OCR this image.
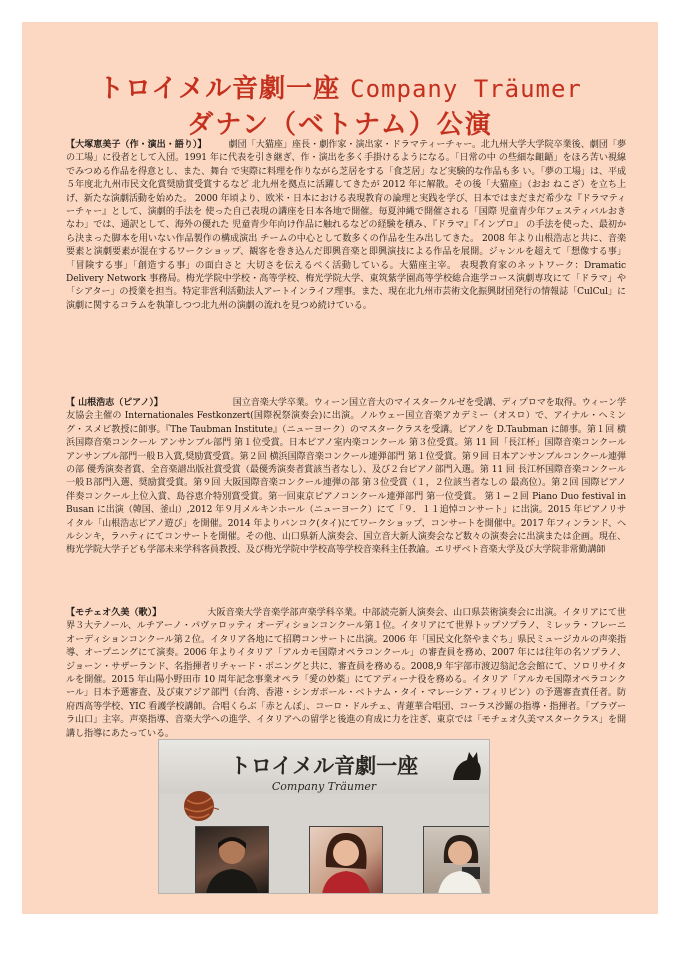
トロイメル音劇一座 Company Träumer
ダナン（ベトナム）公演
【大塚恵美子（作・演出・語り）】 劇団「大猫座」座長・劇作家・演出家・ドラマティーチャー。北九州大学大学院卒業後、劇団「夢の工場」に役者として入団。1991 年に代表を引き継ぎ、作・演出を多く手掛けるようになる。「日常の中 の些細な齟齬」をほろ苦い視線でみつめる作品を得意とし、また、舞台 で実際に料理を作りながら芝居をする「食芝居」など実験的な作品も多 い。「夢の工場」は、平成５年度北九州市民文化賞奨励賞受賞するなど 北九州を拠点に活躍してきたが 2012 年に解散。その後「大猫座」（おお ねこざ）を立ち上げ、新たな演劇活動を始めた。 2000 年頃より、欧米・日本における表現教育の論理と実践を学び、日本ではまだまだ希少な『ドラマティーチャー』として、演劇的手法を 使った自己表現の講座を日本各地で開催。毎夏沖縄で開催される「国際 児童青少年フェスティバルおきなわ」では、通訳として、海外の優れた 児童青少年向け作品に触れるなどの経験を積み、『ドラマ』『インプロ』 の手法を使った、最初から決まった脚本を用いない作品製作の構成演出 チームの中心として数多くの作品を生み出してきた。 2008 年より山根浩志と共に、音楽要素と演劇要素が混在するワークショップ、観客を巻き込んだ即興音楽と即興演技による作品を展開。ジャンルを超えて「想像する事」「冒険する事」「創造する事」の面白さと 大切さを伝えるべく活動している。大猫座主宰。 表現教育家のネットワーク：Dramatic Delivery Network 事務局。梅光学院中学校・高等学校、梅光学院大学、東筑紫学園高等学校総合進学コース演劇専攻にて「ドラマ」や「シアター」の授業を担当。特定非営利活動法人アートインライフ理事。また、現在北九州市芸術文化振興財団発行の情報誌「CulCul」に演劇に関するコラムを執筆しつつ北九州の演劇の流れを見つめ続けている。
【 山根浩志（ピアノ）】	国立音楽大学卒業。ウィーン国立音大のマイスタークルゼを受講、ディプロマを取得。ウィーン学友協会主催の Internationales Festkonzert(国際祝祭演奏会)に出演。ノルウェー国立音楽アカデミー（オスロ）で、アイナル・ヘミング・スメビ教授に師事。『The Taubman Institute』（ニューヨーク）のマスタークラスを受講。ピアノを D.Taubman に師事。第１回 横浜国際音楽コンクール アンサンブル部門 第１位受賞。日本ピアノ室内楽コンクール 第３位受賞。第 11 回「長江杯」国際音楽コンクールアンサンブル部門一般Ｂ入賞,奨励賞受賞。第２回 横浜国際音楽コンクール連弾部門 第１位受賞。第９回 日本アンサンブルコンクール連弾の部 優秀演奏者賞、全音楽譜出版社賞受賞（最優秀演奏者賞該当者なし）、及び２台ピアノ部門入選。第 11 回 長江杯国際音楽コンクール一般Ｂ部門入選、奨励賞受賞。第９回 大阪国際音楽コンクール連弾の部 第３位受賞（１，２位該当者なしの 最高位）。第２回 国際ピアノ伴奏コンクール上位入賞、島谷恵介特別賞受賞。第一回東京ピアノコンクール連弾部門 第一位受賞。 第１−２回 Piano Duo festival in Busan に出演（韓国、釜山）,2012 年９月メルキンホール（ニューヨーク）にて「９．１１追悼コンサート」に出演。2015 年ピアノリサイタル「山根浩志ピアノ遊び」を開催。2014 年よりバンコク(タイ)にてワークショップ、コンサートを開催中。2017 年フィンランド、ヘルシンキ，ラハティにてコンサートを開催。その他、山口県新人演奏会、国立音大新人演奏会など数々の演奏会に出演または企画。現在、梅光学院大学子ども学部未来学科客員教授、及び梅光学院中学校高等学校音楽科主任教諭。エリザベト音楽大学及び大学院非常勤講師
【モチェオ久美（歌）】	大阪音楽大学音楽学部声楽学科卒業。中部読売新人演奏会、山口県芸術演奏会に出演。イタリアにて世界３大テノール、ルチアーノ・パヴァロッティ オーディションコンクール第１位。イタリアにて世界トップソプラノ、ミレッラ・フレーニ オーディションコンクール第２位。イタリア各地にて招聘コンサートに出演。2006 年「国民文化祭やまぐち」県民ミュージカルの声楽指導、オープニングにて演奏。2006 年よりイタリア「アルカモ国際オペラコンクール」の審査員を務め、2007 年には往年の名ソプラノ、ジョーン・サザーランド、名指揮者リチャード・ボニングと共に、審査員を務める。2008,9 年宇部市渡辺翁記念会館にて、ソロリサイタルを開催。2015 年山陽小野田市 10 周年記念事業オペラ「愛の妙薬」にてアディーナ役を務める。イタリア「アルカモ国際オペラコンクール」日本予選審査、及び東アジア部門（台湾、香港・シンガポール・ベトナム・タイ・マレーシア・フィリピン）の予選審査責任者。防府西高等学校、YIC 看護学校講師。合唱くらぶ「赤とんぼ」、コーロ・ドルチェ、青蓮華合唱団、コーラス沙羅の指導・指揮者。「ブラヴーラ山口」主宰。声楽指導、音楽大学への進学、イタリアへの留学と後進の育成に力を注ぎ、東京では「モチェオ久美マスタークラス」を開講し指導にあたっている。
トロイメル音劇一座
Company Träumer
